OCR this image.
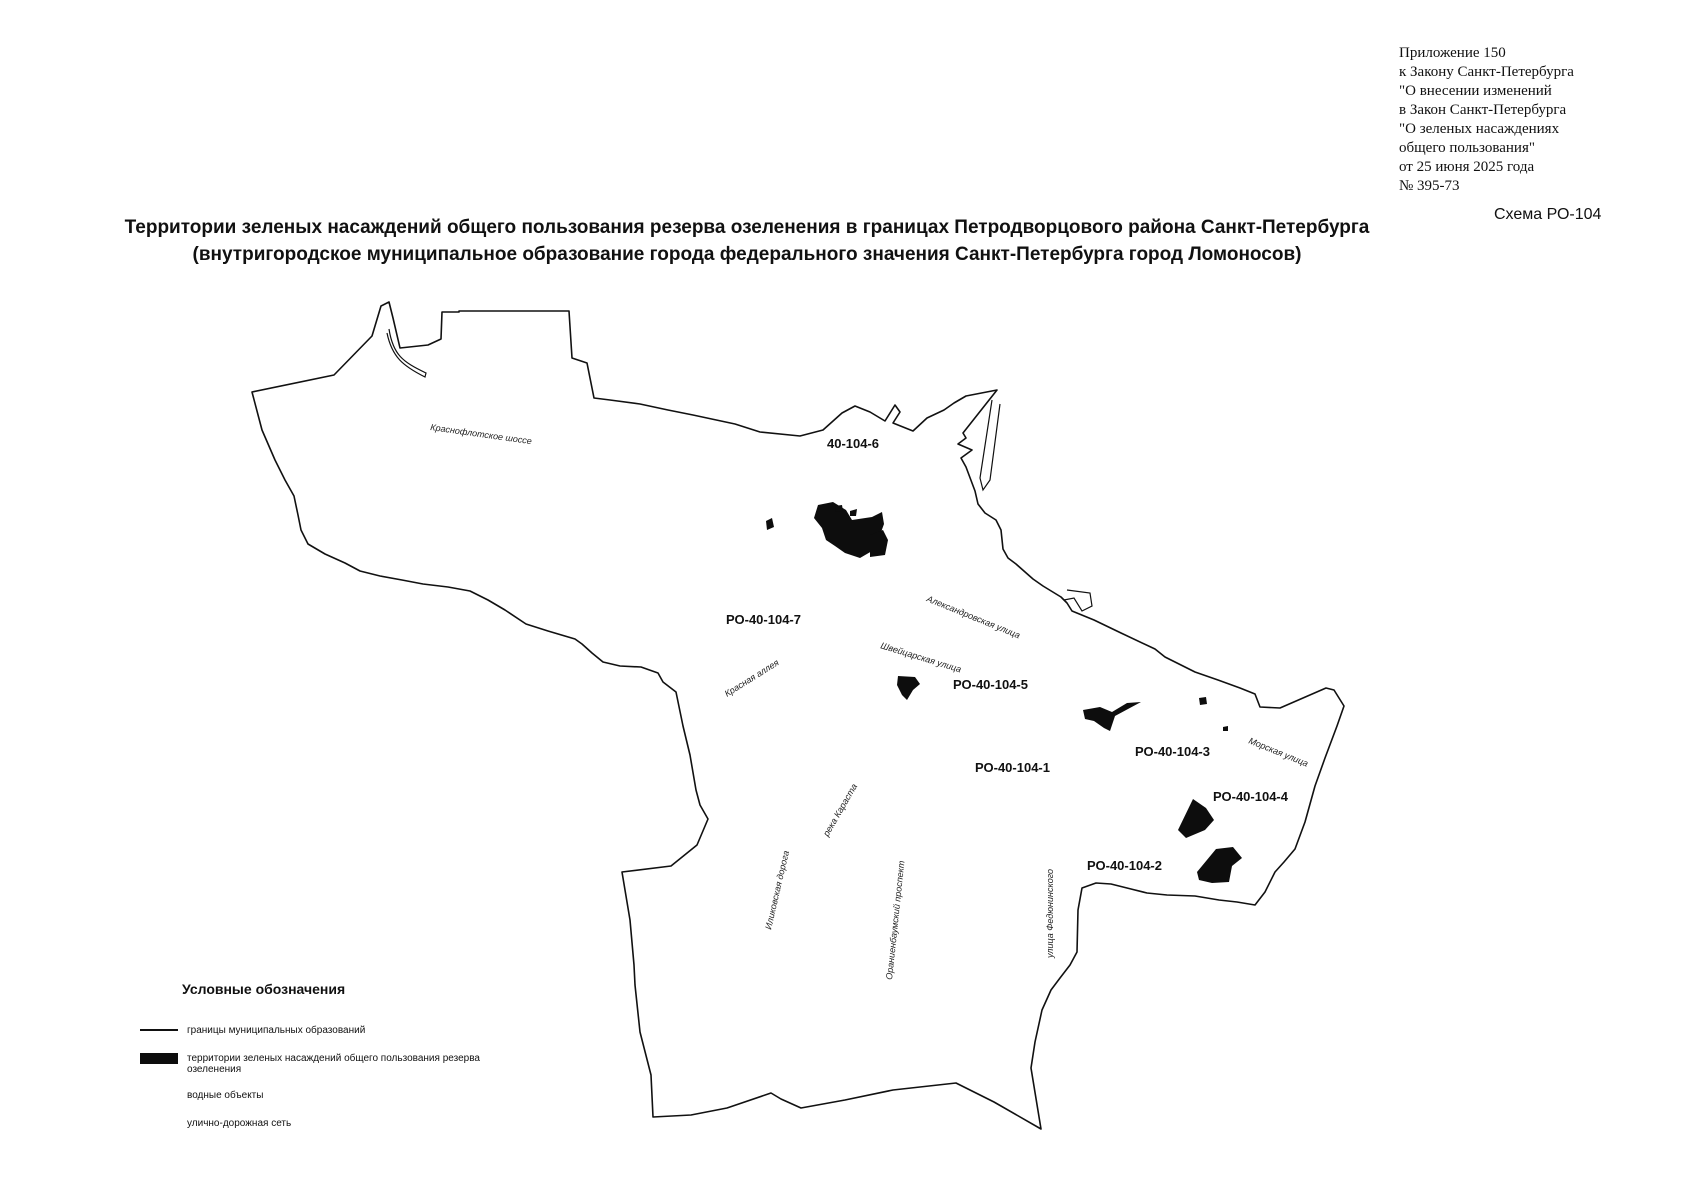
Приложение 150
к Закону Санкт-Петербурга
"О внесении изменений
в Закон Санкт-Петербурга
"О зеленых насаждениях
общего пользования"
от 25 июня 2025 года
№ 395-73
Схема РО-104
Территории зеленых насаждений общего пользования резерва озеленения в границах Петродворцового района Санкт-Петербурга
(внутригородское муниципальное образование города федерального значения Санкт-Петербурга город Ломоносов)
40-104-6
РО-40-104-7
РО-40-104-5
РО-40-104-3
РО-40-104-1
РО-40-104-4
РО-40-104-2
Краснофлотское шоссе
Александровская улица
Швейцарская улица
Красная аллея
Морская улица
река Караста
Иликовская дорога	Ораниенбаумский проспект	улица Федюнинского
Условные обозначения
границы муниципальных образований
территории зеленых насаждений общего пользования резерва озеленения
водные объекты
улично-дорожная сеть
